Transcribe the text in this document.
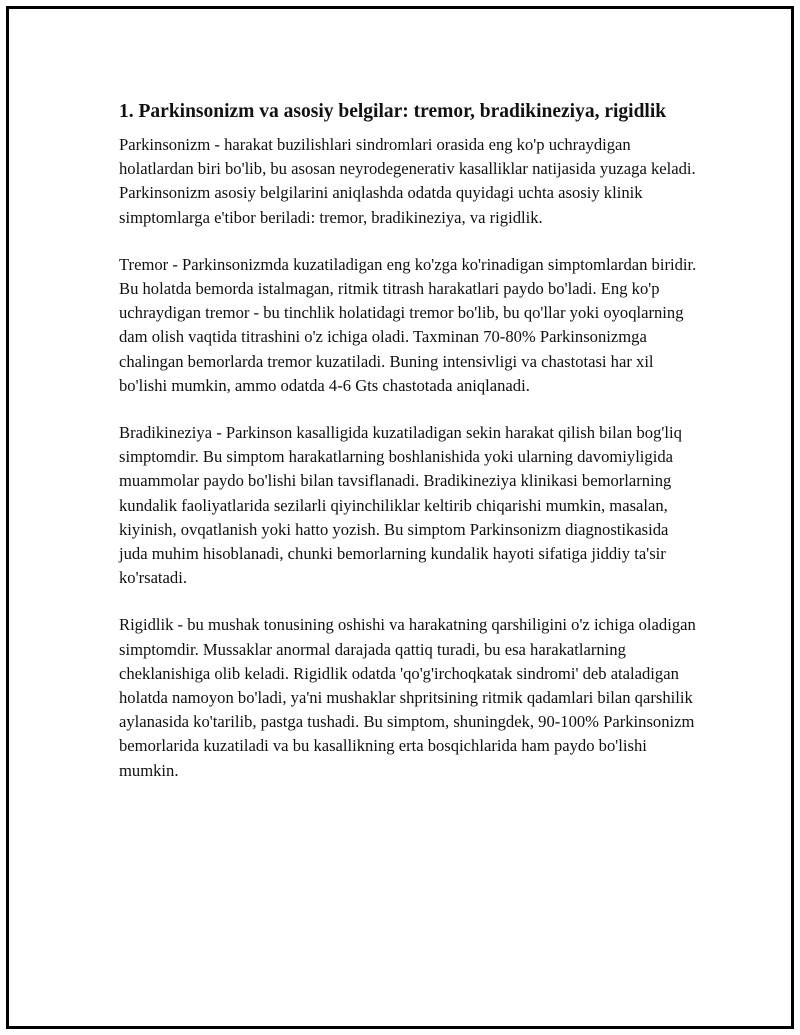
1. Parkinsonizm va asosiy belgilar: tremor, bradikineziya, rigidlik

Parkinsonizm - harakat buzilishlari sindromlari orasida eng ko'p uchraydigan holatlardan biri bo'lib, bu asosan neyrodegenerativ kasalliklar natijasida yuzaga keladi. Parkinsonizm asosiy belgilarini aniqlashda odatda quyidagi uchta asosiy klinik simptomlarga e'tibor beriladi: tremor, bradikineziya, va rigidlik.

Tremor - Parkinsonizmda kuzatiladigan eng ko'zga ko'rinadigan simptomlardan biridir. Bu holatda bemorda istalmagan, ritmik titrash harakatlari paydo bo'ladi. Eng ko'p uchraydigan tremor - bu tinchlik holatidagi tremor bo'lib, bu qo'llar yoki oyoqlarning dam olish vaqtida titrashini o'z ichiga oladi. Taxminan 70-80% Parkinsonizmga chalingan bemorlarda tremor kuzatiladi. Buning intensivligi va chastotasi har xil bo'lishi mumkin, ammo odatda 4-6 Gts chastotada aniqlanadi.

Bradikineziya - Parkinson kasalligida kuzatiladigan sekin harakat qilish bilan bog'liq simptomdir. Bu simptom harakatlarning boshlanishida yoki ularning davomiyligida muammolar paydo bo'lishi bilan tavsiflanadi. Bradikineziya klinikasi bemorlarning kundalik faoliyatlarida sezilarli qiyinchiliklar keltirib chiqarishi mumkin, masalan, kiyinish, ovqatlanish yoki hatto yozish. Bu simptom Parkinsonizm diagnostikasida juda muhim hisoblanadi, chunki bemorlarning kundalik hayoti sifatiga jiddiy ta'sir ko'rsatadi.

Rigidlik - bu mushak tonusining oshishi va harakatning qarshiligini o'z ichiga oladigan simptomdir. Mussaklar anormal darajada qattiq turadi, bu esa harakatlarning cheklanishiga olib keladi. Rigidlik odatda 'qo'g'irchoqkatak sindromi' deb ataladigan holatda namoyon bo'ladi, ya'ni mushaklar shpritsining ritmik qadamlari bilan qarshilik aylanasida ko'tarilib, pastga tushadi. Bu simptom, shuningdek, 90-100% Parkinsonizm bemorlarida kuzatiladi va bu kasallikning erta bosqichlarida ham paydo bo'lishi mumkin.
